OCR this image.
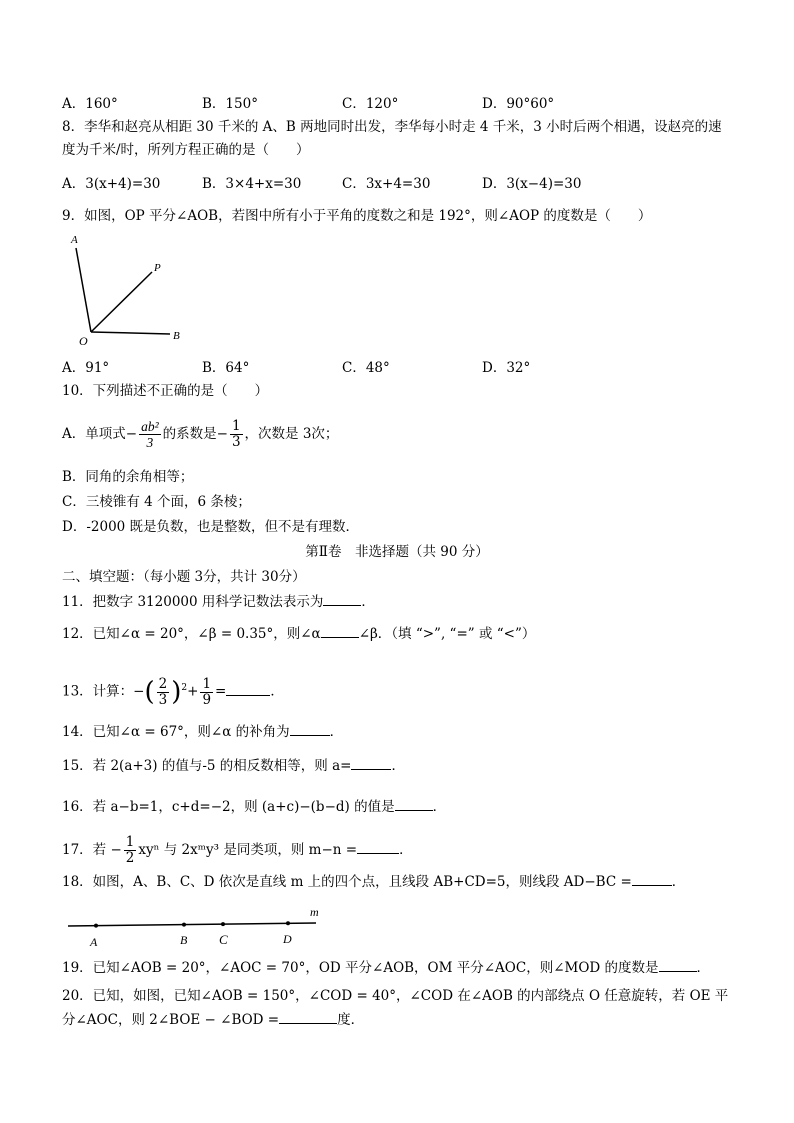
A．160°	B．150°	C．120°	D．90°60°
8．李华和赵亮从相距 30 千米的 A、B 两地同时出发，李华每小时走 4 千米，3 小时后两个相遇，设赵亮的速
度为千米/时，所列方程正确的是（　　）
A．3(x+4)=30	B．3×4+x=30	C．3x+4=30	D．3(x−4)=30
9．如图，OP 平分∠AOB，若图中所有小于平角的度数之和是 192°，则∠AOP 的度数是（　　）
A
P
O	B
A．91°	B．64°	C．48°	D．32°
10．下列描述不正确的是（　　）
A．单项式− $\frac{\text{ab²}}{3}$ 的系数是− $\frac{1}{3}$ ，次数是 3次；
B．同角的余角相等；
C．三棱锥有 4 个面，6 条棱；
D．-2000 既是负数，也是整数，但不是有理数．
第Ⅱ卷　非选择题（共 90 分）
二、填空题：（每小题 3分，共计 30分）
11．把数字 3120000 用科学记数法表示为	．
12．已知∠α = 20°，∠β = 0.35°，则∠α	∠β．（填 “>”, “=” 或 “<”）
13．计算：−( $\frac{2}{3} )^2+ \frac{1}{9}$ =	．
14．已知∠α = 67°，则∠α 的补角为	．
15．若 2(a+3) 的值与-5 的相反数相等，则 a=	．
16．若 a−b=1，c+d=−2，则 (a+c)−(b−d) 的值是	．
17．若 − $\frac{1}{2}$ xyⁿ 与 2xᵐy³ 是同类项，则 m−n =	．
18．如图，A、B、C、D 依次是直线 m 上的四个点，且线段 AB+CD=5，则线段 AD−BC =	．
A	B C	D
m
19．已知∠AOB = 20°，∠AOC = 70°，OD 平分∠AOB，OM 平分∠AOC，则∠MOD 的度数是	．
20．已知，如图，已知∠AOB = 150°，∠COD = 40°，∠COD 在∠AOB 的内部绕点 O 任意旋转，若 OE 平
分∠AOC，则 2∠BOE − ∠BOD =	度．
